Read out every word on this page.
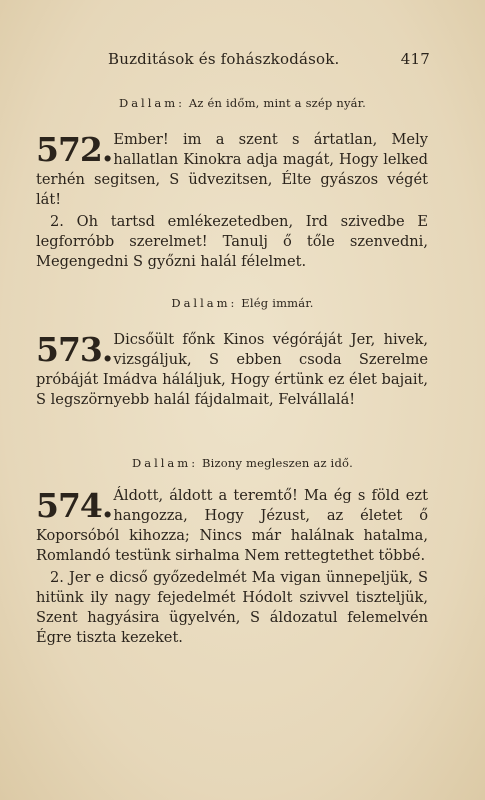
Buzditások és fohászkodások.	417
Dallam: Az én időm, mint a szép nyár.

572. Ember! im a szent s ártatlan, Mely hallatlan Kinokra adja magát, Hogy lelked terhén segitsen, S üdvezitsen, Élte gyászos végét lát!

2. Oh tartsd emlékezetedben, Ird szivedbe E legforróbb szerelmet! Tanulj ő tőle szenvedni, Megengedni S győzni halál félelmet.

Dallam: Elég immár.

573. Dicsőült főnk Kinos végóráját Jer, hivek, vizsgáljuk, S ebben csoda Szerelme próbáját Imádva háláljuk, Hogy értünk ez élet bajait, S legszörnyebb halál fájdalmait, Felvállalá!

Dallam: Bizony megleszen az idő.

574. Áldott, áldott a teremtő! Ma ég s föld ezt hangozza, Hogy Jézust, az életet ő Koporsóból kihozza; Nincs már halálnak hatalma, Romlandó testünk sirhalma Nem rettegtethet többé.

2. Jer e dicső győzedelmét Ma vigan ünnepeljük, S hitünk ily nagy fejedelmét Hódolt szivvel tiszteljük, Szent hagyásira ügyelvén, S áldozatul felemelvén Égre tiszta kezeket.
